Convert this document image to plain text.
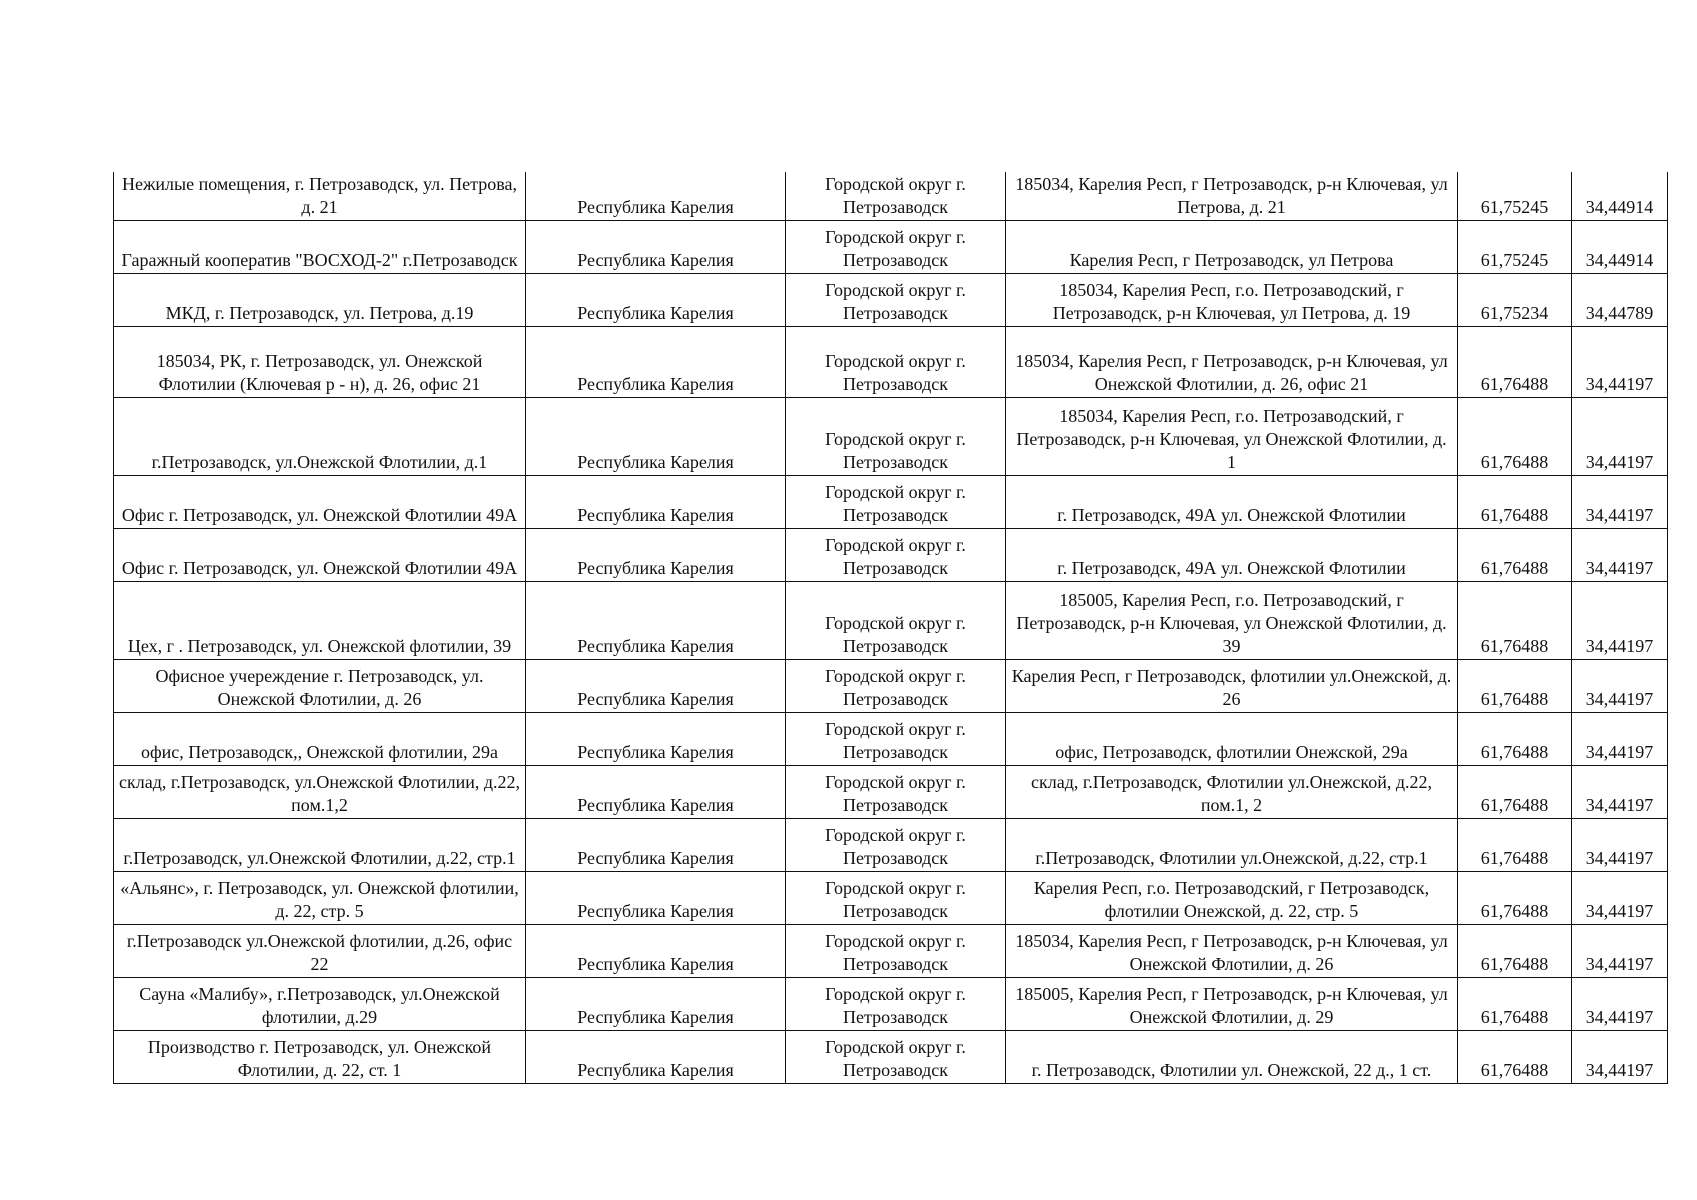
Нежилые помещения, г. Петрозаводск, ул. Петрова, д. 21	Республика Карелия	Городской округ г. Петрозаводск	185034, Карелия Респ, г Петрозаводск, р-н Ключевая, ул Петрова, д. 21	61,75245	34,44914
Гаражный кооператив "ВОСХОД-2" г.Петрозаводск	Республика Карелия	Городской округ г. Петрозаводск	Карелия Респ, г Петрозаводск, ул Петрова	61,75245	34,44914
МКД, г. Петрозаводск, ул. Петрова, д.19	Республика Карелия	Городской округ г. Петрозаводск	185034, Карелия Респ, г.о. Петрозаводский, г Петрозаводск, р-н Ключевая, ул Петрова, д. 19	61,75234	34,44789
185034, РК, г. Петрозаводск, ул. Онежской Флотилии (Ключевая р - н), д. 26, офис 21	Республика Карелия	Городской округ г. Петрозаводск	185034, Карелия Респ, г Петрозаводск, р-н Ключевая, ул Онежской Флотилии, д. 26, офис 21	61,76488	34,44197
г.Петрозаводск, ул.Онежской Флотилии, д.1	Республика Карелия	Городской округ г. Петрозаводск	185034, Карелия Респ, г.о. Петрозаводский, г Петрозаводск, р-н Ключевая, ул Онежской Флотилии, д. 1	61,76488	34,44197
Офис г. Петрозаводск, ул. Онежской Флотилии 49А	Республика Карелия	Городской округ г. Петрозаводск	г. Петрозаводск, 49А ул. Онежской Флотилии	61,76488	34,44197
Офис г. Петрозаводск, ул. Онежской Флотилии 49А	Республика Карелия	Городской округ г. Петрозаводск	г. Петрозаводск, 49А ул. Онежской Флотилии	61,76488	34,44197
Цех, г . Петрозаводск, ул. Онежской флотилии, 39	Республика Карелия	Городской округ г. Петрозаводск	185005, Карелия Респ, г.о. Петрозаводский, г Петрозаводск, р-н Ключевая, ул Онежской Флотилии, д. 39	61,76488	34,44197
Офисное учереждение г. Петрозаводск, ул. Онежской Флотилии, д. 26	Республика Карелия	Городской округ г. Петрозаводск	Карелия Респ, г Петрозаводск, флотилии ул.Онежской, д. 26	61,76488	34,44197
офис, Петрозаводск,, Онежской флотилии, 29а	Республика Карелия	Городской округ г. Петрозаводск	офис, Петрозаводск, флотилии Онежской, 29а	61,76488	34,44197
склад, г.Петрозаводск, ул.Онежской Флотилии, д.22, пом.1,2	Республика Карелия	Городской округ г. Петрозаводск	склад, г.Петрозаводск, Флотилии ул.Онежской, д.22, пом.1, 2	61,76488	34,44197
г.Петрозаводск, ул.Онежской Флотилии, д.22, стр.1	Республика Карелия	Городской округ г. Петрозаводск	г.Петрозаводск, Флотилии ул.Онежской, д.22, стр.1	61,76488	34,44197
«Альянс», г. Петрозаводск, ул. Онежской флотилии, д. 22, стр. 5	Республика Карелия	Городской округ г. Петрозаводск	Карелия Респ, г.о. Петрозаводский, г Петрозаводск, флотилии Онежской, д. 22, стр. 5	61,76488	34,44197
г.Петрозаводск ул.Онежской флотилии, д.26, офис 22	Республика Карелия	Городской округ г. Петрозаводск	185034, Карелия Респ, г Петрозаводск, р-н Ключевая, ул Онежской Флотилии, д. 26	61,76488	34,44197
Сауна «Малибу», г.Петрозаводск, ул.Онежской флотилии, д.29	Республика Карелия	Городской округ г. Петрозаводск	185005, Карелия Респ, г Петрозаводск, р-н Ключевая, ул Онежской Флотилии, д. 29	61,76488	34,44197
Производство г. Петрозаводск, ул. Онежской Флотилии, д. 22, ст. 1	Республика Карелия	Городской округ г. Петрозаводск	г. Петрозаводск, Флотилии ул. Онежской, 22 д., 1 ст.	61,76488	34,44197
